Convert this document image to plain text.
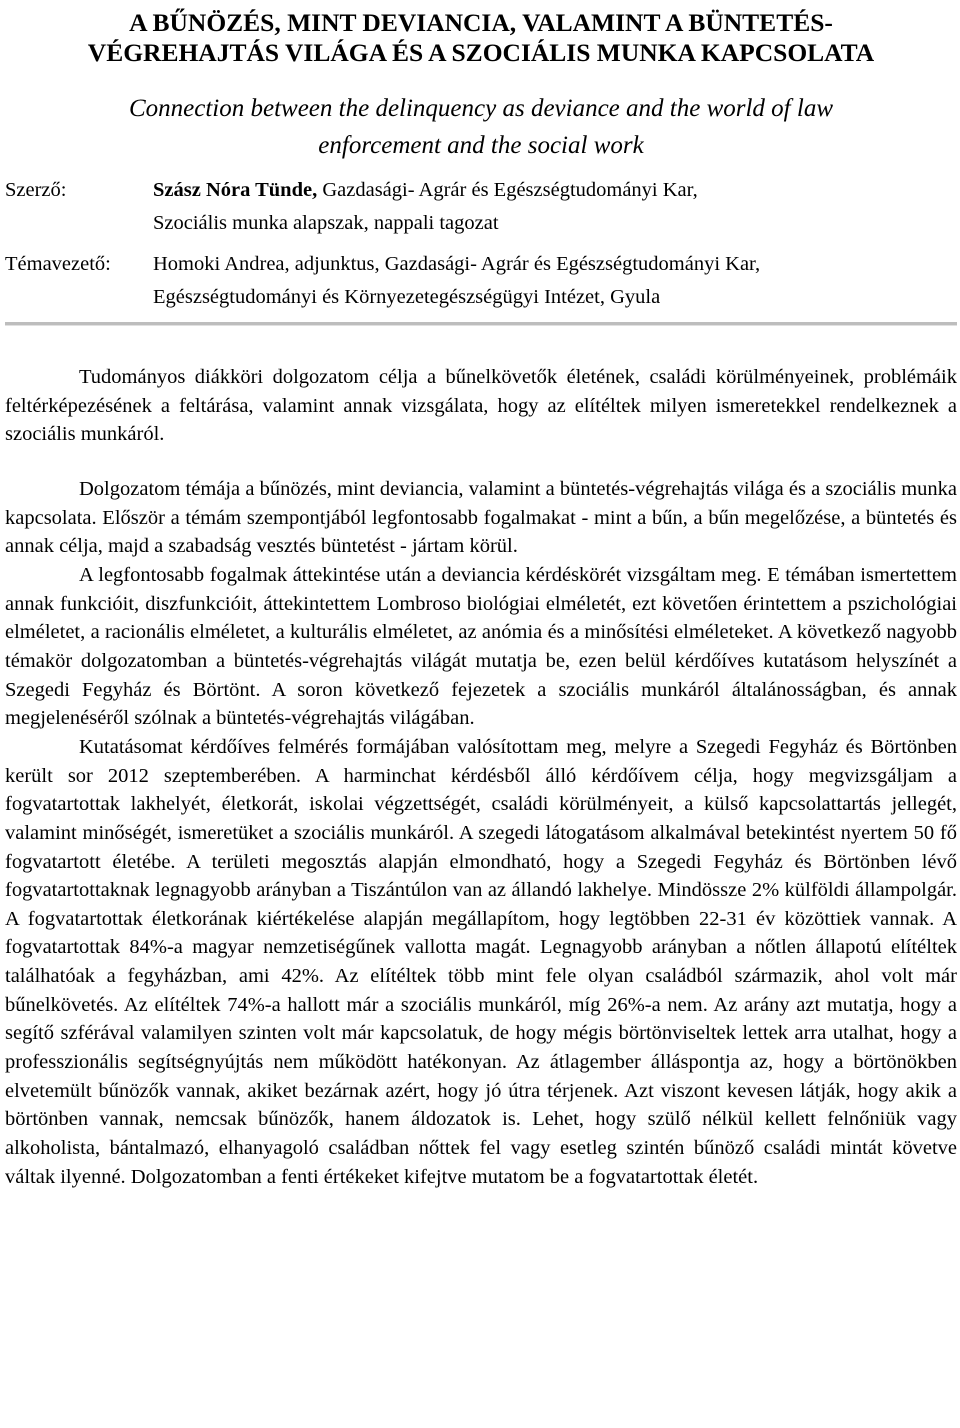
A BŰNÖZÉS, MINT DEVIANCIA, VALAMINT A BÜNTETÉS-
VÉGREHAJTÁS VILÁGA ÉS A SZOCIÁLIS MUNKA KAPCSOLATA
Connection between the delinquency as deviance and the world of law
enforcement and the social work
Szerző:	Szász Nóra Tünde, Gazdasági- Agrár és Egészségtudományi Kar,
Szociális munka alapszak, nappali tagozat
Témavezető:	Homoki Andrea, adjunktus, Gazdasági- Agrár és Egészségtudományi Kar,
Egészségtudományi és Környezetegészségügyi Intézet, Gyula

Tudományos diákköri dolgozatom célja a bűnelkövetők életének, családi körülményeinek, problémáik feltérképezésének a feltárása, valamint annak vizsgálata, hogy az elítéltek milyen ismeretekkel rendelkeznek a szociális munkáról.

Dolgozatom témája a bűnözés, mint deviancia, valamint a büntetés-végrehajtás világa és a szociális munka kapcsolata. Először a témám szempontjából legfontosabb fogalmakat - mint a bűn, a bűn megelőzése, a büntetés és annak célja, majd a szabadság vesztés büntetést - jártam körül.

A legfontosabb fogalmak áttekintése után a deviancia kérdéskörét vizsgáltam meg. E témában ismertettem annak funkcióit, diszfunkcióit, áttekintettem Lombroso biológiai elméletét, ezt követően érintettem a pszichológiai elméletet, a racionális elméletet, a kulturális elméletet, az anómia és a minősítési elméleteket. A következő nagyobb témakör dolgozatomban a büntetés-végrehajtás világát mutatja be, ezen belül kérdőíves kutatásom helyszínét a Szegedi Fegyház és Börtönt. A soron következő fejezetek a szociális munkáról általánosságban, és annak megjelenéséről szólnak a büntetés-végrehajtás világában.

Kutatásomat kérdőíves felmérés formájában valósítottam meg, melyre a Szegedi Fegyház és Börtönben került sor 2012 szeptemberében. A harminchat kérdésből álló kérdőívem célja, hogy megvizsgáljam a fogvatartottak lakhelyét, életkorát, iskolai végzettségét, családi körülményeit, a külső kapcsolattartás jellegét, valamint minőségét, ismeretüket a szociális munkáról. A szegedi látogatásom alkalmával betekintést nyertem 50 fő fogvatartott életébe. A területi megosztás alapján elmondható, hogy a Szegedi Fegyház és Börtönben lévő fogvatartottaknak legnagyobb arányban a Tiszántúlon van az állandó lakhelye. Mindössze 2% külföldi állampolgár. A fogvatartottak életkorának kiértékelése alapján megállapítom, hogy legtöbben 22-31 év közöttiek vannak. A fogvatartottak 84%-a magyar nemzetiségűnek vallotta magát. Legnagyobb arányban a nőtlen állapotú elítéltek találhatóak a fegyházban, ami 42%. Az elítéltek több mint fele olyan családból származik, ahol volt már bűnelkövetés. Az elítéltek 74%-a hallott már a szociális munkáról, míg 26%-a nem. Az arány azt mutatja, hogy a segítő szférával valamilyen szinten volt már kapcsolatuk, de hogy mégis börtönviseltek lettek arra utalhat, hogy a professzionális segítségnyújtás nem működött hatékonyan. Az átlagember álláspontja az, hogy a börtönökben elvetemült bűnözők vannak, akiket bezárnak azért, hogy jó útra térjenek. Azt viszont kevesen látják, hogy akik a börtönben vannak, nemcsak bűnözők, hanem áldozatok is. Lehet, hogy szülő nélkül kellett felnőniük vagy alkoholista, bántalmazó, elhanyagoló családban nőttek fel vagy esetleg szintén bűnöző családi mintát követve váltak ilyenné. Dolgozatomban a fenti értékeket kifejtve mutatom be a fogvatartottak életét.
